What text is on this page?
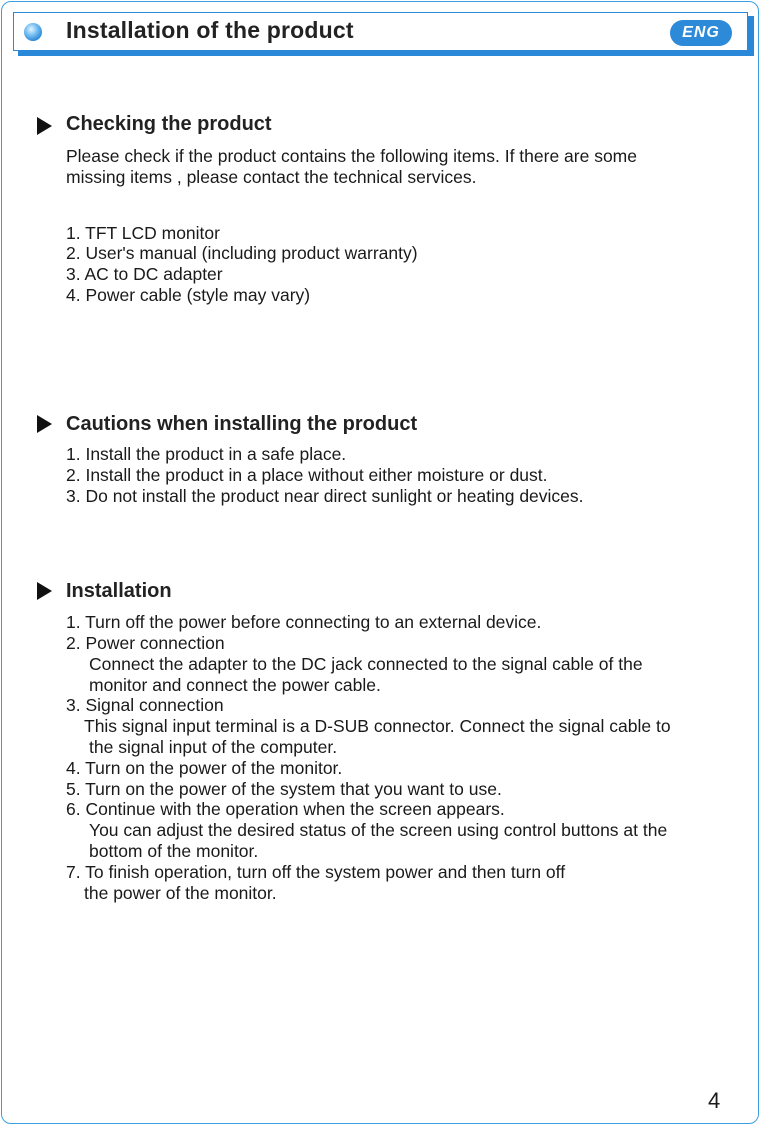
Installation of the product	ENG
Checking the product
Please check if the product contains the following items. If there are some
missing items , please contact the technical services.
1. TFT LCD monitor
2. User's manual (including product warranty)
3. AC to DC adapter
4. Power cable (style may vary)
Cautions when installing the product
1. Install the product in a safe place.
2. Install the product in a place without either moisture or dust.
3. Do not install the product near direct sunlight or heating devices.
Installation
1. Turn off the power before connecting to an external device.
2. Power connection
Connect the adapter to the DC jack connected to the signal cable of the
monitor and connect the power cable.
3. Signal connection
This signal input terminal is a D-SUB connector. Connect the signal cable to
the signal input of the computer.
4. Turn on the power of the monitor.
5. Turn on the power of the system that you want to use.
6. Continue with the operation when the screen appears.
You can adjust the desired status of the screen using control buttons at the
bottom of the monitor.
7. To finish operation, turn off the system power and then turn off
the power of the monitor.
4
